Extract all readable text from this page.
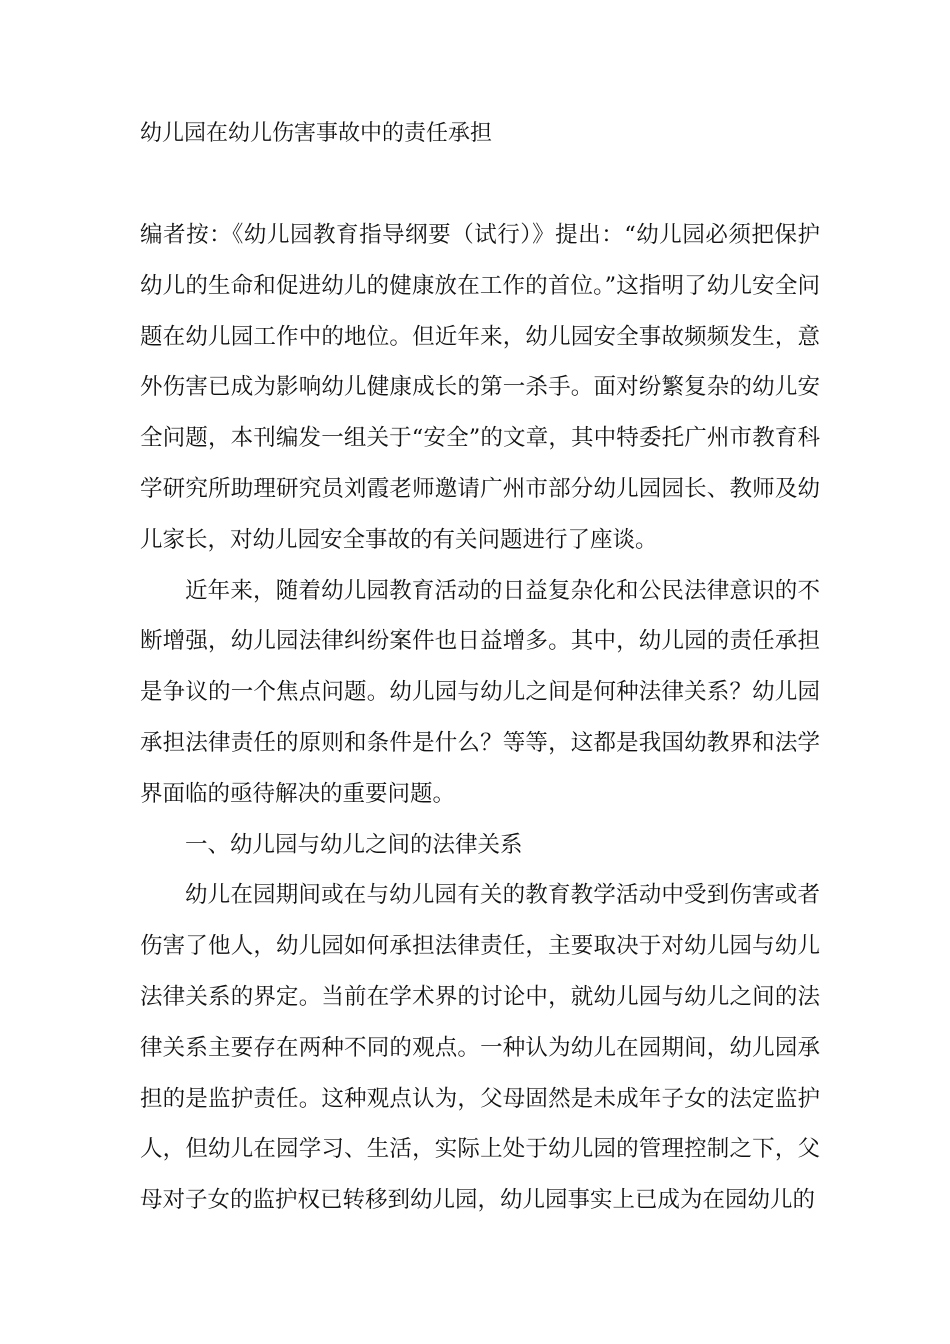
幼儿园在幼儿伤害事故中的责任承担

编者按：《幼儿园教育指导纲要（试行）》提出：“幼儿园必须把保护幼儿的生命和促进幼儿的健康放在工作的首位。”这指明了幼儿安全问题在幼儿园工作中的地位。但近年来，幼儿园安全事故频频发生，意外伤害已成为影响幼儿健康成长的第一杀手。面对纷繁复杂的幼儿安全问题，本刊编发一组关于“安全”的文章，其中特委托广州市教育科学研究所助理研究员刘霞老师邀请广州市部分幼儿园园长、教师及幼儿家长，对幼儿园安全事故的有关问题进行了座谈。

近年来，随着幼儿园教育活动的日益复杂化和公民法律意识的不断增强，幼儿园法律纠纷案件也日益增多。其中，幼儿园的责任承担是争议的一个焦点问题。幼儿园与幼儿之间是何种法律关系？幼儿园承担法律责任的原则和条件是什么？等等，这都是我国幼教界和法学界面临的亟待解决的重要问题。

一、幼儿园与幼儿之间的法律关系

幼儿在园期间或在与幼儿园有关的教育教学活动中受到伤害或者伤害了他人，幼儿园如何承担法律责任，主要取决于对幼儿园与幼儿法律关系的界定。当前在学术界的讨论中，就幼儿园与幼儿之间的法律关系主要存在两种不同的观点。一种认为幼儿在园期间，幼儿园承担的是监护责任。这种观点认为，父母固然是未成年子女的法定监护人，但幼儿在园学习、生活，实际上处于幼儿园的管理控制之下，父母对子女的监护权已转移到幼儿园，幼儿园事实上已成为在园幼儿的
